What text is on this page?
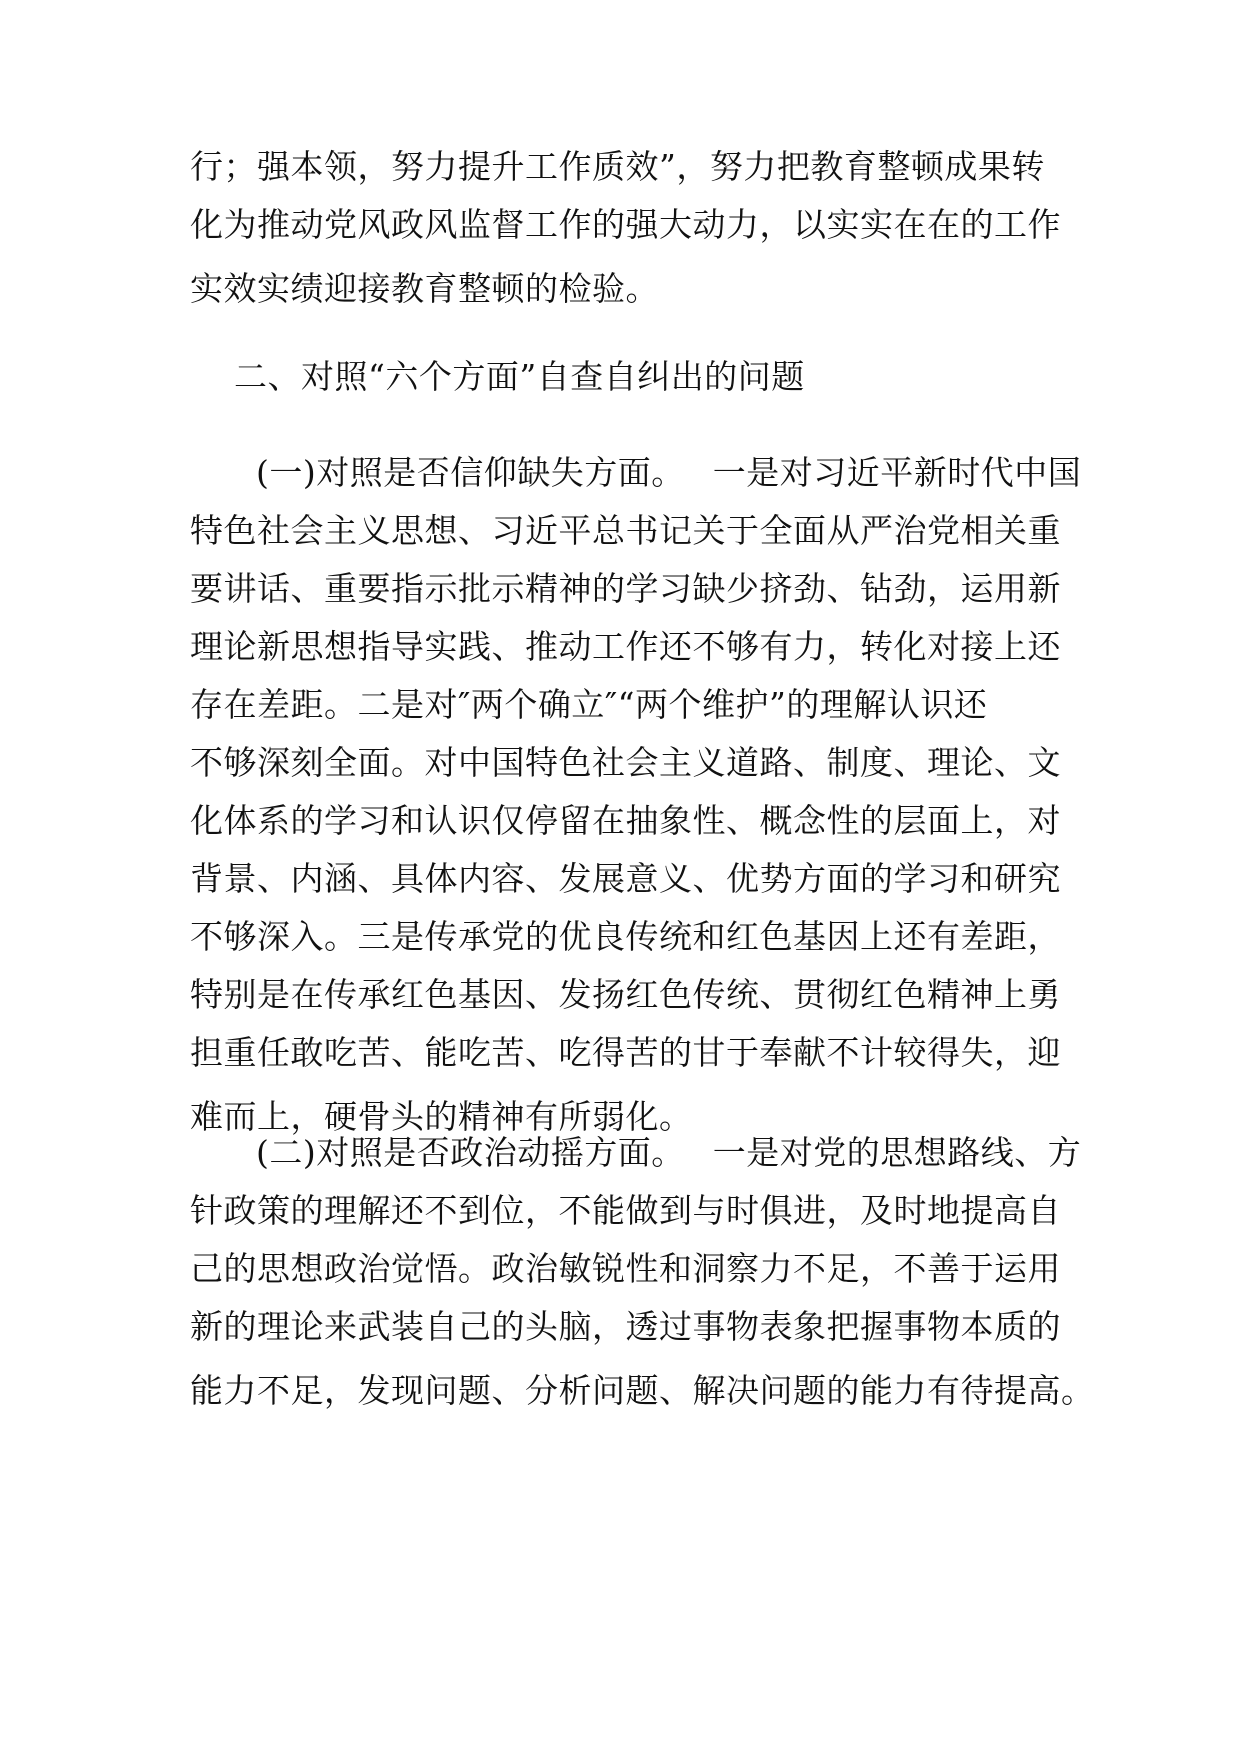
行；强本领，努力提升工作质效”，努力把教育整顿成果转
化为推动党风政风监督工作的强大动力，以实实在在的工作
实效实绩迎接教育整顿的检验。
二、对照“六个方面”自查自纠出的问题
(一)对照是否信仰缺失方面。 一是对习近平新时代中国
特色社会主义思想、习近平总书记关于全面从严治党相关重
要讲话、重要指示批示精神的学习缺少挤劲、钻劲，运用新
理论新思想指导实践、推动工作还不够有力，转化对接上还
存在差距。二是对″两个确立″“两个维护”的理解认识还
不够深刻全面。对中国特色社会主义道路、制度、理论、文
化体系的学习和认识仅停留在抽象性、概念性的层面上，对
背景、内涵、具体内容、发展意义、优势方面的学习和研究
不够深入。三是传承党的优良传统和红色基因上还有差距，
特别是在传承红色基因、发扬红色传统、贯彻红色精神上勇
担重任敢吃苦、能吃苦、吃得苦的甘于奉献不计较得失，迎
难而上，硬骨头的精神有所弱化。
(二)对照是否政治动摇方面。 一是对党的思想路线、方
针政策的理解还不到位，不能做到与时俱进，及时地提高自
己的思想政治觉悟。政治敏锐性和洞察力不足，不善于运用
新的理论来武装自己的头脑，透过事物表象把握事物本质的
能力不足，发现问题、分析问题、解决问题的能力有待提高。
